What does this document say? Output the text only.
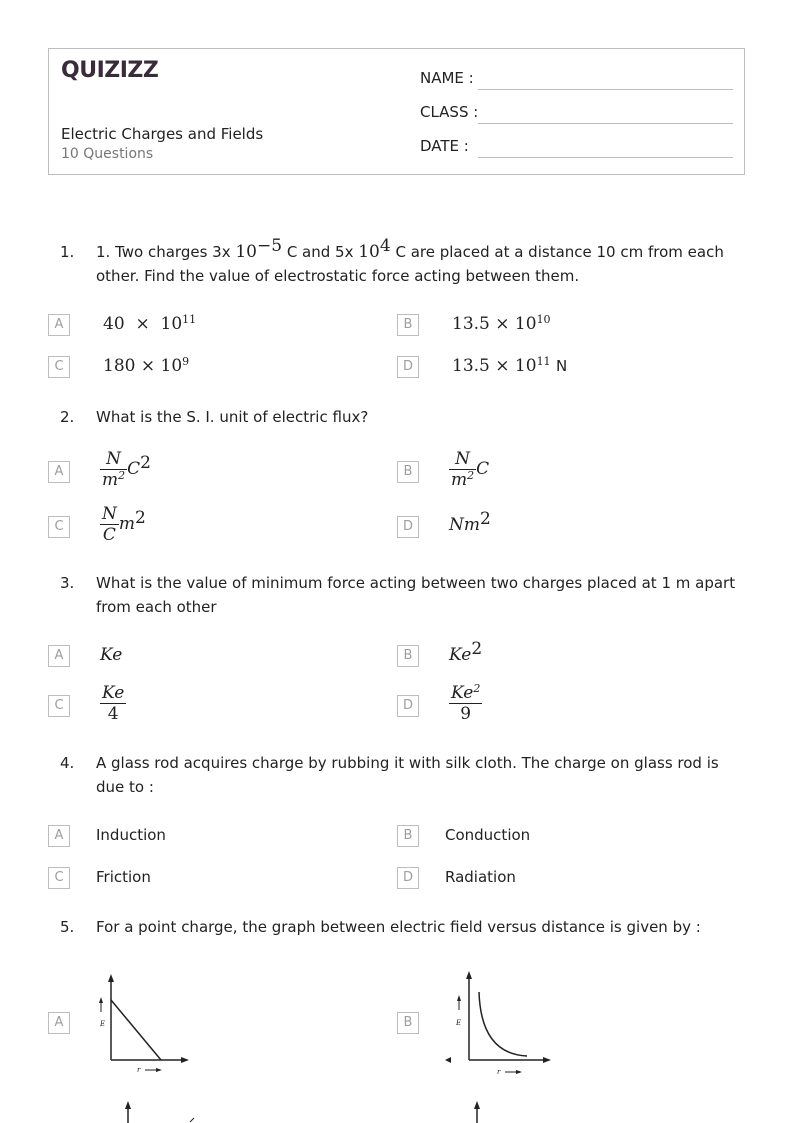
QUIZIZZ
Electric Charges and Fields
10 Questions
NAME :
CLASS :
DATE :
1. 1. Two charges 3x $10^{-5}$ C and 5x $10^4$ C are placed at a distance 10 cm from each other. Find the value of electrostatic force acting between them.
A	$40 \times 10^{11}$	B	$13.5 \times 10^{10}$
C	$180 \times 10^9$	D	$13.5 \times 10^{11}$ N
2. What is the S. I. unit of electric flux?
A	$\frac{N}{m^2} C^2$	B	$\frac{N}{m^2}$ C
C	$\frac{N}{C} m^2$	D	Nm$^2$
3. What is the value of minimum force acting between two charges placed at 1 m apart from each other
A	Ke	B	Ke$^2$
C	$\frac{Ke}{4}$	D	$\frac{Ke^2}{9}$
4. A glass rod acquires charge by rubbing it with silk cloth. The charge on glass rod is due to :
A	Induction	B	Conduction
C	Friction	D	Radiation
5. For a point charge, the graph between electric field versus distance is given by :
A	E
r
B	E
r
